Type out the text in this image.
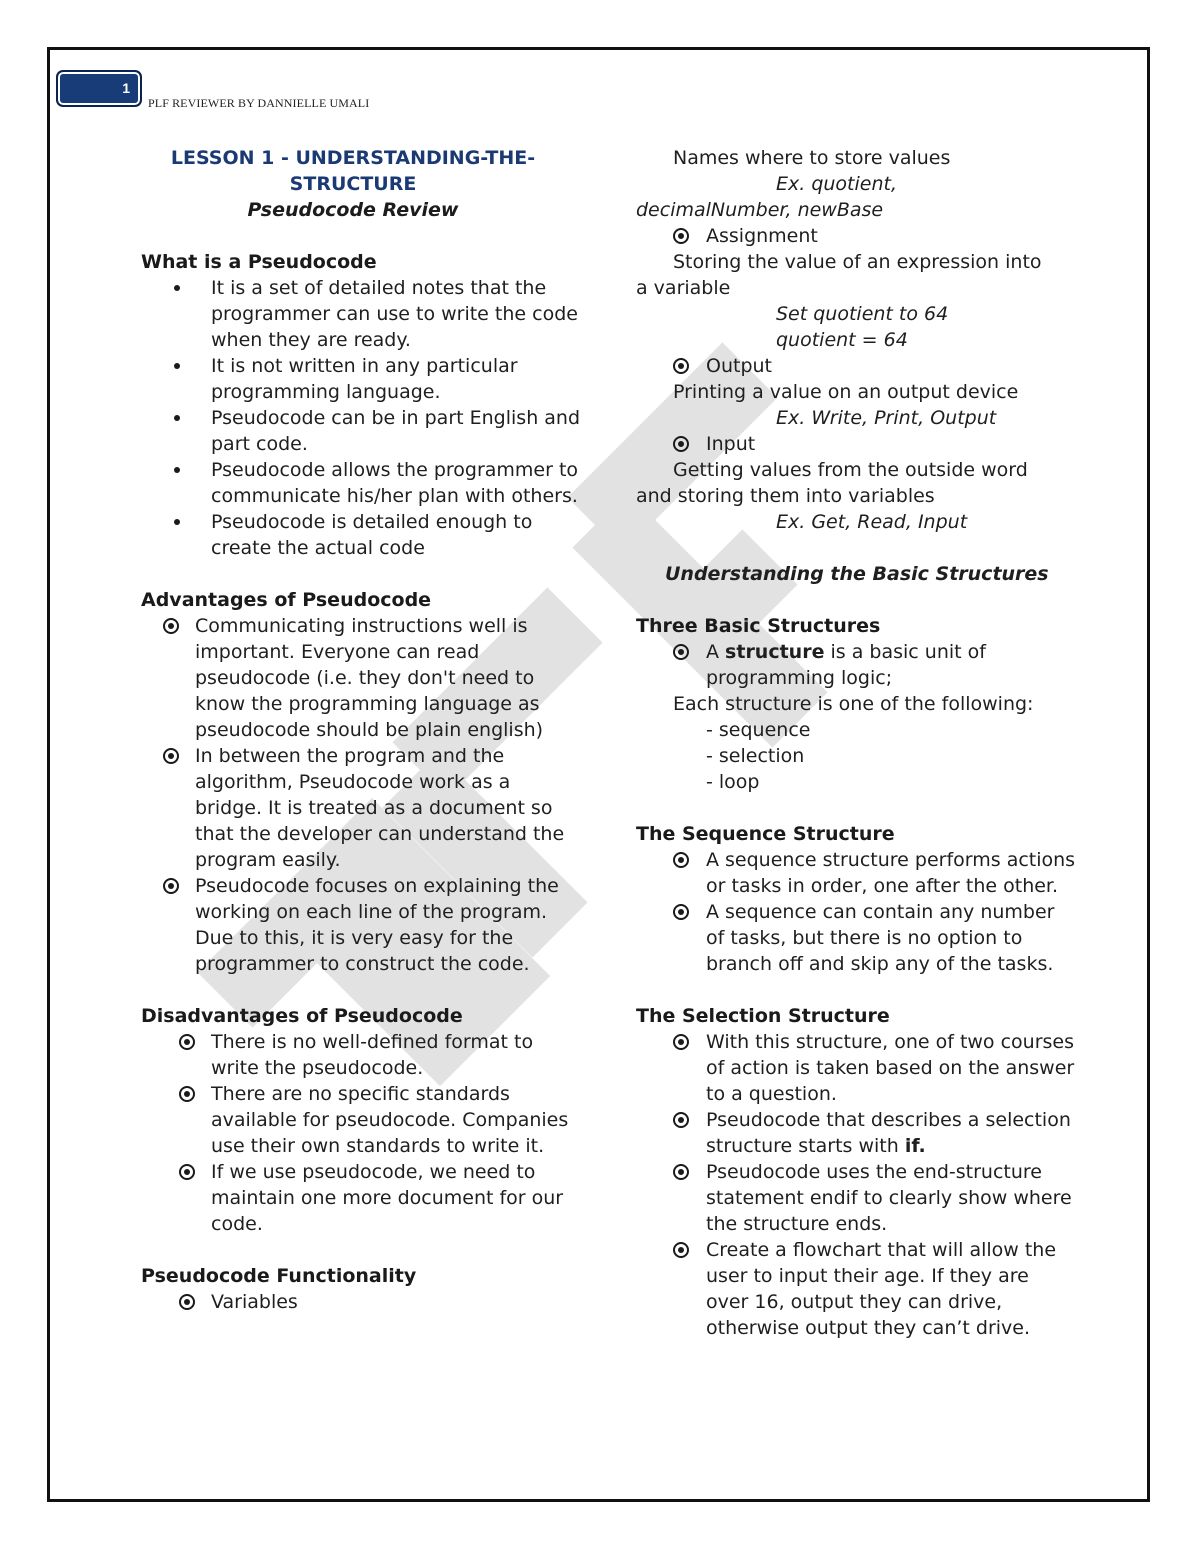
1
PLF REVIEWER BY DANNIELLE UMALI
LESSON 1 - UNDERSTANDING-THE-
STRUCTURE
Pseudocode Review
What is a Pseudocode
It is a set of detailed notes that the programmer can use to write the code when they are ready.
It is not written in any particular programming language.
Pseudocode can be in part English and part code.
Pseudocode allows the programmer to communicate his/her plan with others.
Pseudocode is detailed enough to create the actual code
Advantages of Pseudocode
Communicating instructions well is important. Everyone can read pseudocode (i.e. they don't need to know the programming language as pseudocode should be plain english)
In between the program and the algorithm, Pseudocode work as a bridge. It is treated as a document so that the developer can understand the program easily.
Pseudocode focuses on explaining the working on each line of the program. Due to this, it is very easy for the programmer to construct the code.
Disadvantages of Pseudocode
There is no well-defined format to write the pseudocode.
There are no specific standards available for pseudocode. Companies use their own standards to write it.
If we use pseudocode, we need to maintain one more document for our code.
Pseudocode Functionality
Variables
Names where to store values
Ex. quotient,
decimalNumber, newBase
Assignment
Storing the value of an expression into
a variable
Set quotient to 64
quotient = 64
Output
Printing a value on an output device
Ex. Write, Print, Output
Input
Getting values from the outside word
and storing them into variables
Ex. Get, Read, Input
Understanding the Basic Structures
Three Basic Structures
A structure is a basic unit of programming logic;
Each structure is one of the following:
- sequence
- selection
- loop
The Sequence Structure
A sequence structure performs actions or tasks in order, one after the other.
A sequence can contain any number of tasks, but there is no option to branch off and skip any of the tasks.
The Selection Structure
With this structure, one of two courses of action is taken based on the answer to a question.
Pseudocode that describes a selection structure starts with if.
Pseudocode uses the end-structure statement endif to clearly show where the structure ends.
Create a flowchart that will allow the user to input their age. If they are over 16, output they can drive, otherwise output they can’t drive.
